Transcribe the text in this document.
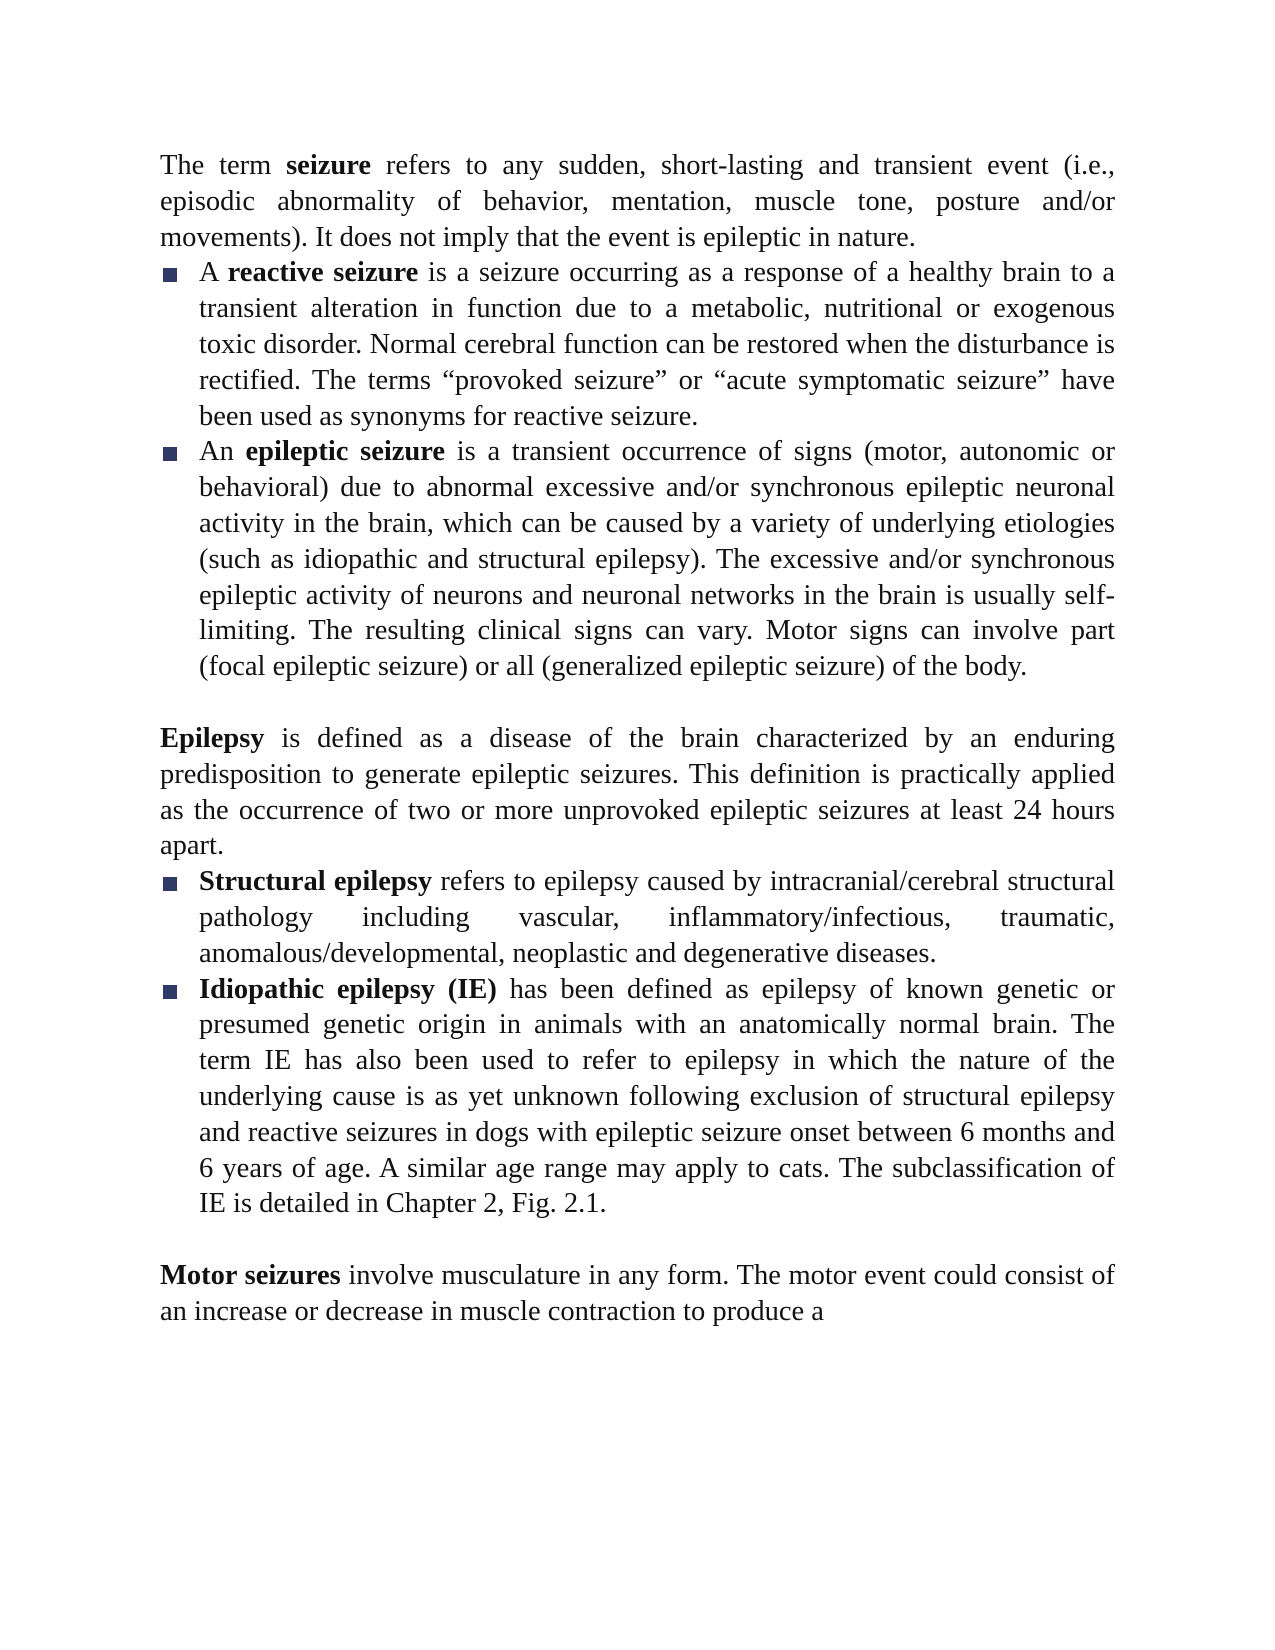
The term seizure refers to any sudden, short-lasting and transient event (i.e., episodic abnormality of behavior, mentation, muscle tone, posture and/or movements). It does not imply that the event is epileptic in nature.

A reactive seizure is a seizure occurring as a response of a healthy brain to a transient alteration in function due to a metabolic, nutritional or exogenous toxic disorder. Normal cerebral function can be restored when the disturbance is rectified. The terms “provoked seizure” or “acute symptomatic seizure” have been used as synonyms for reactive seizure.
An epileptic seizure is a transient occurrence of signs (motor, autonomic or behavioral) due to abnormal excessive and/or synchronous epileptic neuronal activity in the brain, which can be caused by a variety of underlying etiologies (such as idiopathic and structural epilepsy). The excessive and/or synchronous epileptic activity of neurons and neuronal networks in the brain is usually self-limiting. The resulting clinical signs can vary. Motor signs can involve part (focal epileptic seizure) or all (generalized epileptic seizure) of the body.

Epilepsy is defined as a disease of the brain characterized by an enduring predisposition to generate epileptic seizures. This definition is practically applied as the occurrence of two or more unprovoked epileptic seizures at least 24 hours apart.

Structural epilepsy refers to epilepsy caused by intracranial/cerebral structural pathology including vascular, inflammatory/infectious, traumatic, anomalous/developmental, neoplastic and degenerative diseases.
Idiopathic epilepsy (IE) has been defined as epilepsy of known genetic or presumed genetic origin in animals with an anatomically normal brain. The term IE has also been used to refer to epilepsy in which the nature of the underlying cause is as yet unknown following exclusion of structural epilepsy and reactive seizures in dogs with epileptic seizure onset between 6 months and 6 years of age. A similar age range may apply to cats. The subclassification of IE is detailed in Chapter 2, Fig. 2.1.

Motor seizures involve musculature in any form. The motor event could consist of an increase or decrease in muscle contraction to produce a
